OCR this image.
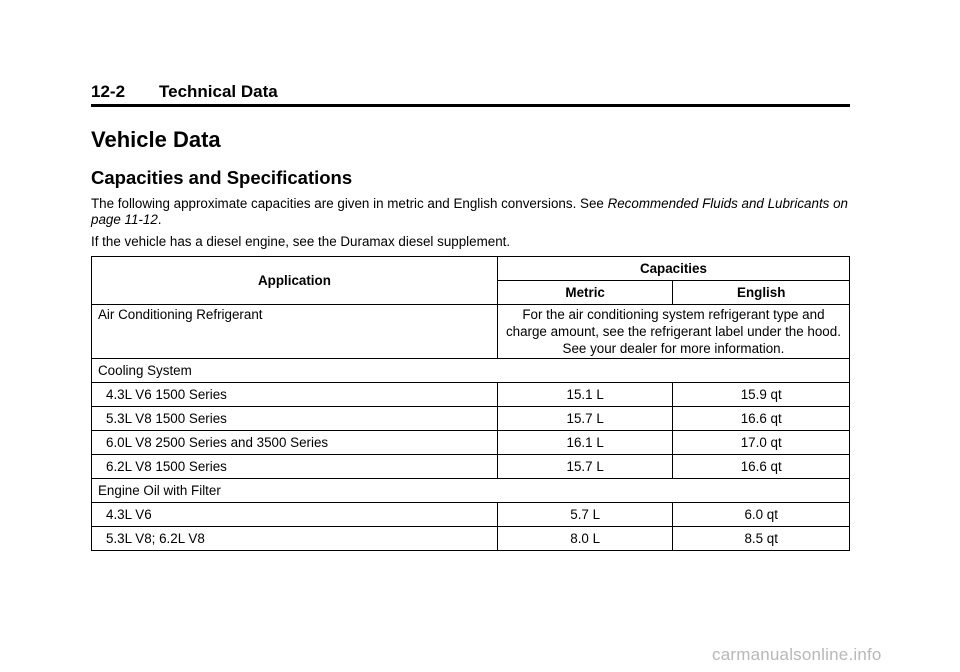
12-2 Technical Data
Vehicle Data
Capacities and Specifications
The following approximate capacities are given in metric and English conversions. See Recommended Fluids and Lubricants on page 11-12.
If the vehicle has a diesel engine, see the Duramax diesel supplement.
Application	Capacities	
	Metric	English
Air Conditioning Refrigerant	For the air conditioning system refrigerant type and charge amount, see the refrigerant label under the hood. See your dealer for more information.	
Cooling System		
4.3L V6 1500 Series	15.1 L	15.9 qt
5.3L V8 1500 Series	15.7 L	16.6 qt
6.0L V8 2500 Series and 3500 Series	16.1 L	17.0 qt
6.2L V8 1500 Series	15.7 L	16.6 qt
Engine Oil with Filter		
4.3L V6	5.7 L	6.0 qt
5.3L V8; 6.2L V8	8.0 L	8.5 qt
carmanualsonline.info
